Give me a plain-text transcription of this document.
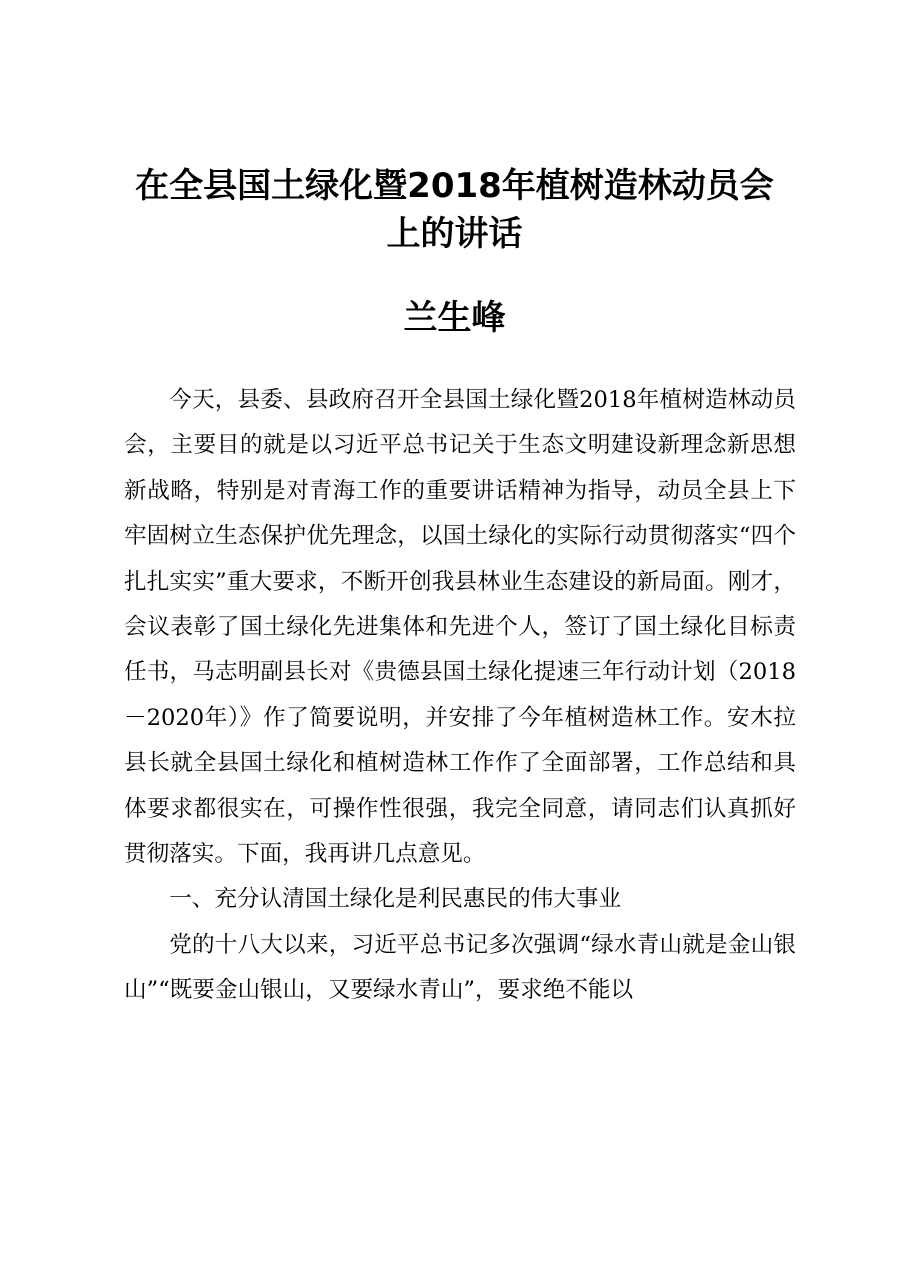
在全县国土绿化暨2018年植树造林动员会上的讲话
兰生峰

今天，县委、县政府召开全县国土绿化暨2018年植树造林动员会，主要目的就是以习近平总书记关于生态文明建设新理念新思想新战略，特别是对青海工作的重要讲话精神为指导，动员全县上下牢固树立生态保护优先理念，以国土绿化的实际行动贯彻落实“四个扎扎实实”重大要求，不断开创我县林业生态建设的新局面。刚才，会议表彰了国土绿化先进集体和先进个人，签订了国土绿化目标责任书，马志明副县长对《贵德县国土绿化提速三年行动计划（2018－2020年）》作了简要说明，并安排了今年植树造林工作。安木拉县长就全县国土绿化和植树造林工作作了全面部署，工作总结和具体要求都很实在，可操作性很强，我完全同意，请同志们认真抓好贯彻落实。下面，我再讲几点意见。

一、充分认清国土绿化是利民惠民的伟大事业

党的十八大以来，习近平总书记多次强调“绿水青山就是金山银山”“既要金山银山，又要绿水青山”，要求绝不能以
